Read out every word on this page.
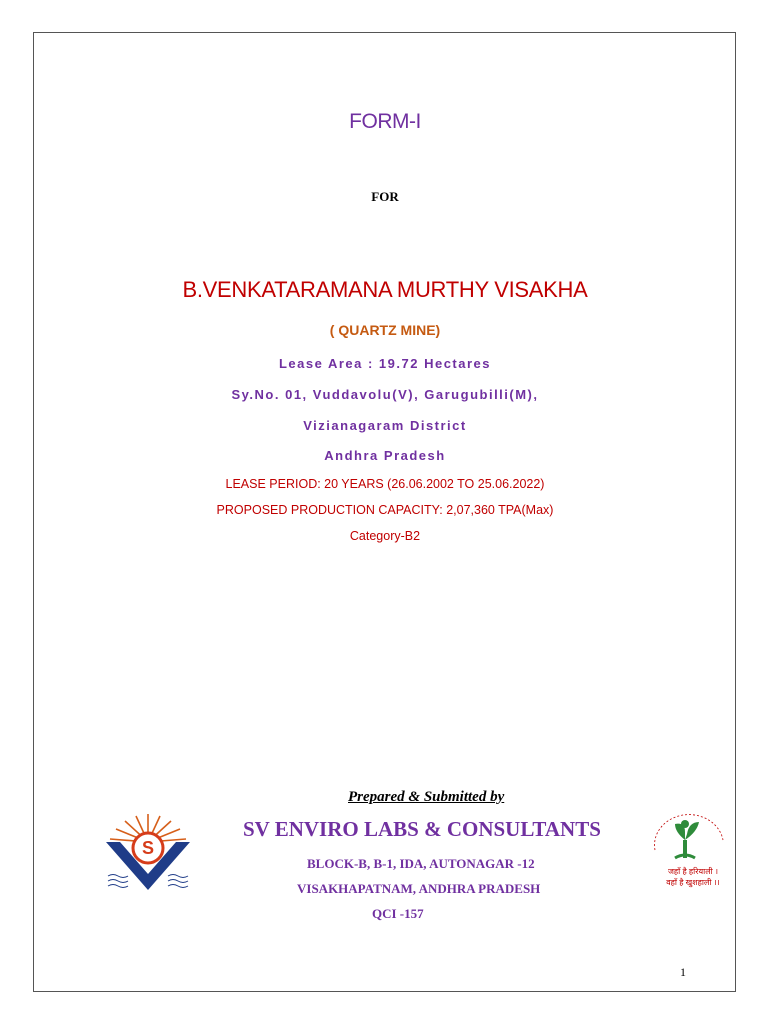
FORM-I
FOR
B.VENKATARAMANA MURTHY VISAKHA
( QUARTZ MINE)
Lease Area : 19.72 Hectares
Sy.No. 01, Vuddavolu(V), Garugubilli(M),
Vizianagaram District
Andhra Pradesh
LEASE PERIOD: 20 YEARS (26.06.2002 TO 25.06.2022)
PROPOSED PRODUCTION CAPACITY: 2,07,360 TPA(Max)
Category-B2
Prepared & Submitted by
SV ENVIRO LABS & CONSULTANTS
BLOCK-B, B-1, IDA, AUTONAGAR -12
VISAKHAPATNAM, ANDHRA PRADESH
QCI -157
S
जहाँ है हरियाली ।
वहाँ है खुशहाली ।।
1
